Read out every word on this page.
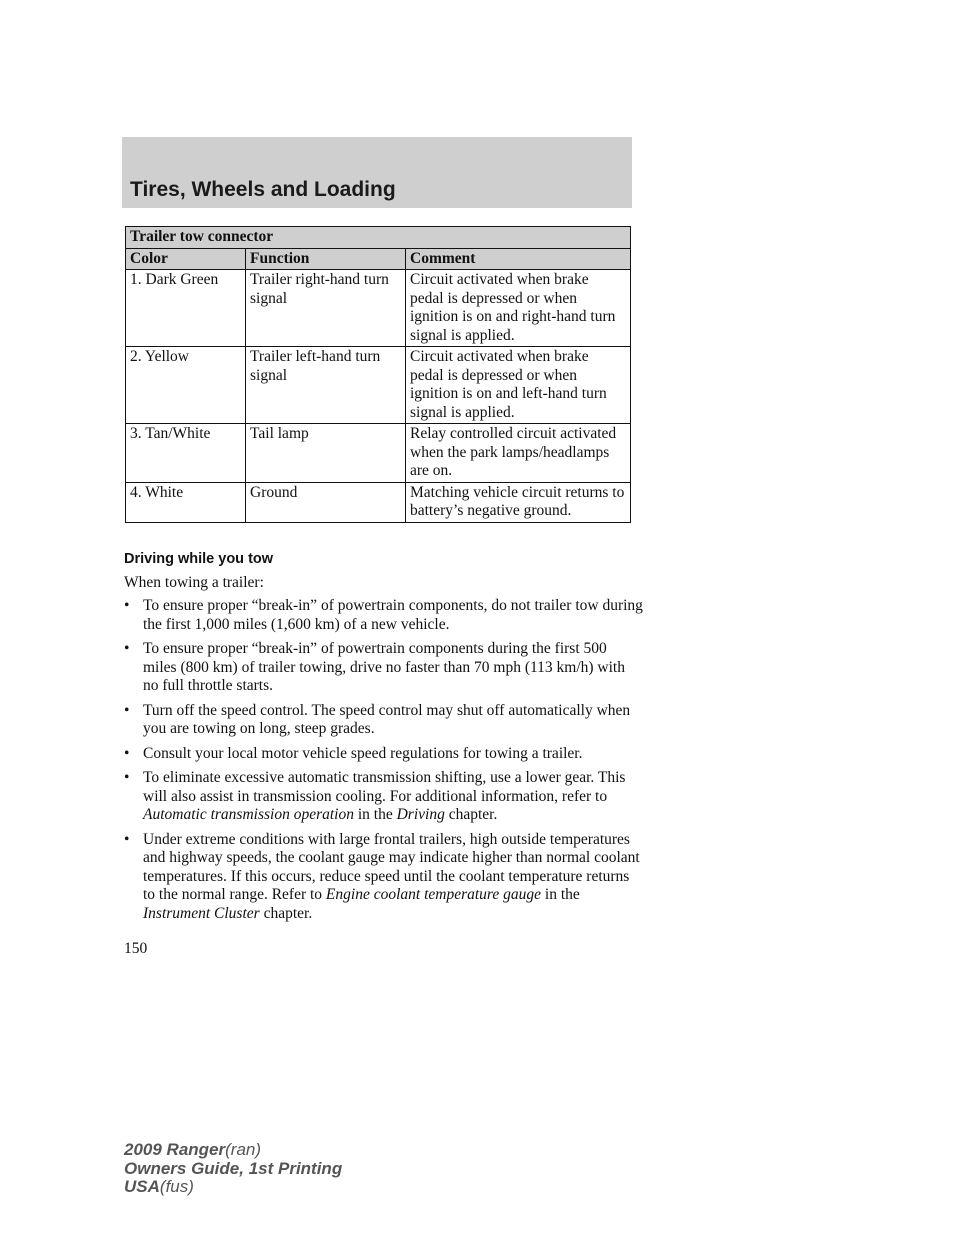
Tires, Wheels and Loading
Trailer tow connector		
Color	Function	Comment
1. Dark Green	Trailer right-hand turn signal	Circuit activated when brake pedal is depressed or when ignition is on and right-hand turn signal is applied.
2. Yellow	Trailer left-hand turn signal	Circuit activated when brake pedal is depressed or when ignition is on and left-hand turn signal is applied.
3. Tan/White	Tail lamp	Relay controlled circuit activated when the park lamps/headlamps are on.
4. White	Ground	Matching vehicle circuit returns to battery’s negative ground.
Driving while you tow
When towing a trailer:
• To ensure proper “break-in” of powertrain components, do not trailer tow during the first 1,000 miles (1,600 km) of a new vehicle.
• To ensure proper “break-in” of powertrain components during the first 500 miles (800 km) of trailer towing, drive no faster than 70 mph (113 km/h) with no full throttle starts.
• Turn off the speed control. The speed control may shut off automatically when you are towing on long, steep grades.
• Consult your local motor vehicle speed regulations for towing a trailer.
• To eliminate excessive automatic transmission shifting, use a lower gear. This will also assist in transmission cooling. For additional information, refer to Automatic transmission operation in the Driving chapter.
• Under extreme conditions with large frontal trailers, high outside temperatures and highway speeds, the coolant gauge may indicate higher than normal coolant temperatures. If this occurs, reduce speed until the coolant temperature returns to the normal range. Refer to Engine coolant temperature gauge in the Instrument Cluster chapter.
150
2009 Ranger(ran)
Owners Guide, 1st Printing
USA(fus)
